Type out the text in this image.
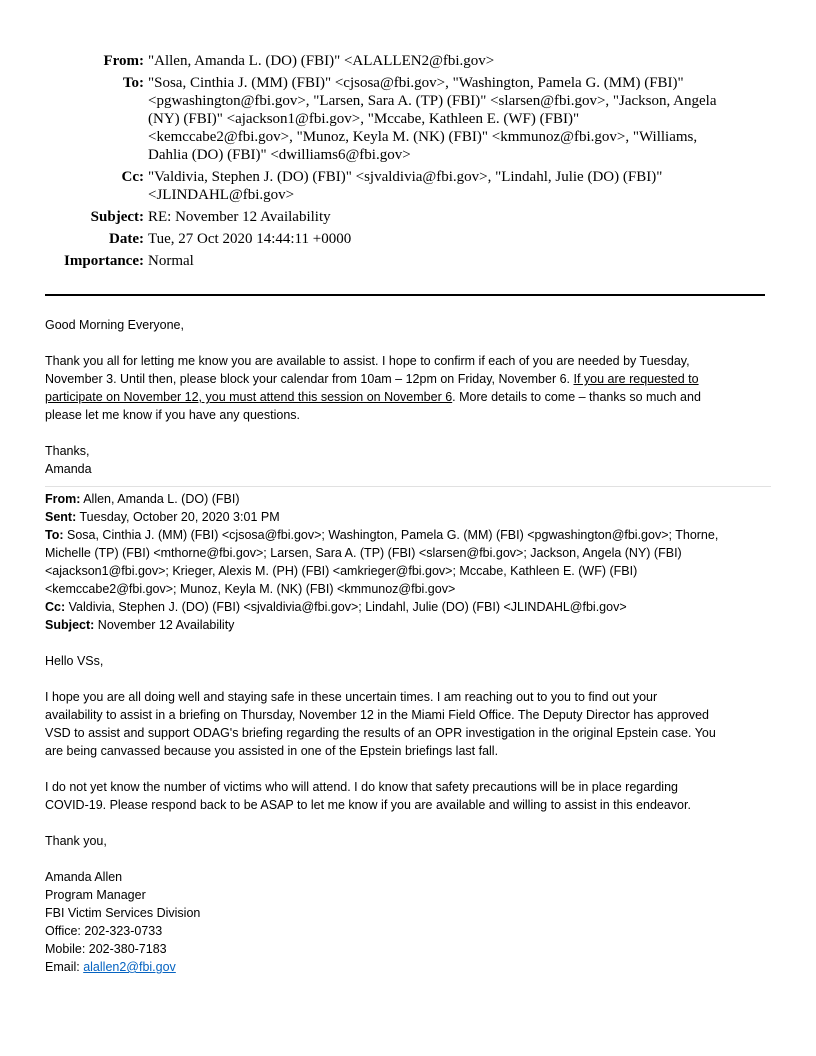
From: "Allen, Amanda L. (DO) (FBI)" <ALALLEN2@fbi.gov>
To: "Sosa, Cinthia J. (MM) (FBI)" <cjsosa@fbi.gov>, "Washington, Pamela G. (MM) (FBI)"
<pgwashington@fbi.gov>, "Larsen, Sara A. (TP) (FBI)" <slarsen@fbi.gov>, "Jackson, Angela
(NY) (FBI)" <ajackson1@fbi.gov>, "Mccabe, Kathleen E. (WF) (FBI)"
<kemccabe2@fbi.gov>, "Munoz, Keyla M. (NK) (FBI)" <kmmunoz@fbi.gov>, "Williams,
Dahlia (DO) (FBI)" <dwilliams6@fbi.gov>
Cc: "Valdivia, Stephen J. (DO) (FBI)" <sjvaldivia@fbi.gov>, "Lindahl, Julie (DO) (FBI)"
<JLINDAHL@fbi.gov>
Subject: RE: November 12 Availability
Date: Tue, 27 Oct 2020 14:44:11 +0000
Importance: Normal

Good Morning Everyone,

Thank you all for letting me know you are available to assist. I hope to confirm if each of you are needed by Tuesday,
November 3. Until then, please block your calendar from 10am – 12pm on Friday, November 6. If you are requested to
participate on November 12, you must attend this session on November 6. More details to come – thanks so much and
please let me know if you have any questions.

Thanks,

Amanda

From: Allen, Amanda L. (DO) (FBI)

Sent: Tuesday, October 20, 2020 3:01 PM

To: Sosa, Cinthia J. (MM) (FBI) <cjsosa@fbi.gov>; Washington, Pamela G. (MM) (FBI) <pgwashington@fbi.gov>; Thorne,

Michelle (TP) (FBI) <mthorne@fbi.gov>; Larsen, Sara A. (TP) (FBI) <slarsen@fbi.gov>; Jackson, Angela (NY) (FBI)

<ajackson1@fbi.gov>; Krieger, Alexis M. (PH) (FBI) <amkrieger@fbi.gov>; Mccabe, Kathleen E. (WF) (FBI)

<kemccabe2@fbi.gov>; Munoz, Keyla M. (NK) (FBI) <kmmunoz@fbi.gov>

Cc: Valdivia, Stephen J. (DO) (FBI) <sjvaldivia@fbi.gov>; Lindahl, Julie (DO) (FBI) <JLINDAHL@fbi.gov>

Subject: November 12 Availability

Hello VSs,

I hope you are all doing well and staying safe in these uncertain times. I am reaching out to you to find out your
availability to assist in a briefing on Thursday, November 12 in the Miami Field Office. The Deputy Director has approved
VSD to assist and support ODAG's briefing regarding the results of an OPR investigation in the original Epstein case. You
are being canvassed because you assisted in one of the Epstein briefings last fall.

I do not yet know the number of victims who will attend. I do know that safety precautions will be in place regarding
COVID-19. Please respond back to be ASAP to let me know if you are available and willing to assist in this endeavor.

Thank you,

Amanda Allen

Program Manager

FBI Victim Services Division

Office: 202-323-0733

Mobile: 202-380-7183

Email: alallen2@fbi.gov
